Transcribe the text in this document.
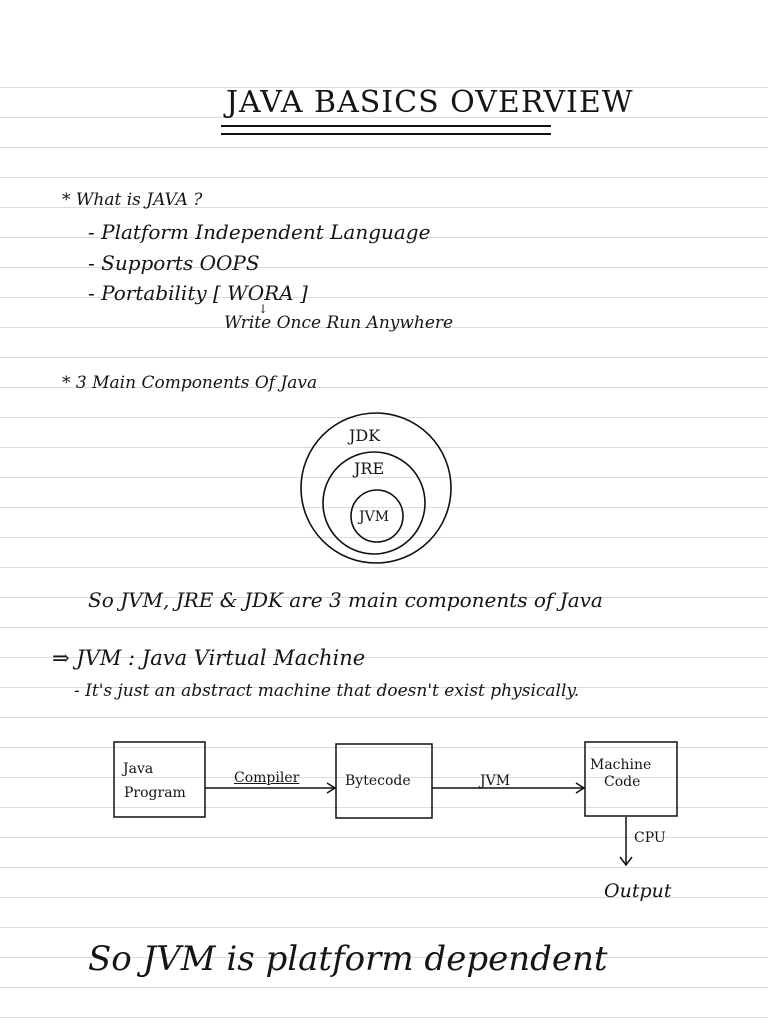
JAVA BASICS OVERVIEW
* What is JAVA ?
- Platform Independent Language
- Supports OOPS
- Portability [ WORA ]
↓
Write Once Run Anywhere
* 3 Main Components Of Java
JDK
JRE
JVM
So JVM, JRE & JDK are 3 main components of Java
⇒ JVM : Java Virtual Machine
- It's just an abstract machine that doesn't exist physically.
Java
Program
Compiler	Bytecode	JVM
Machine
Code
CPU
Output
So JVM is platform dependent
